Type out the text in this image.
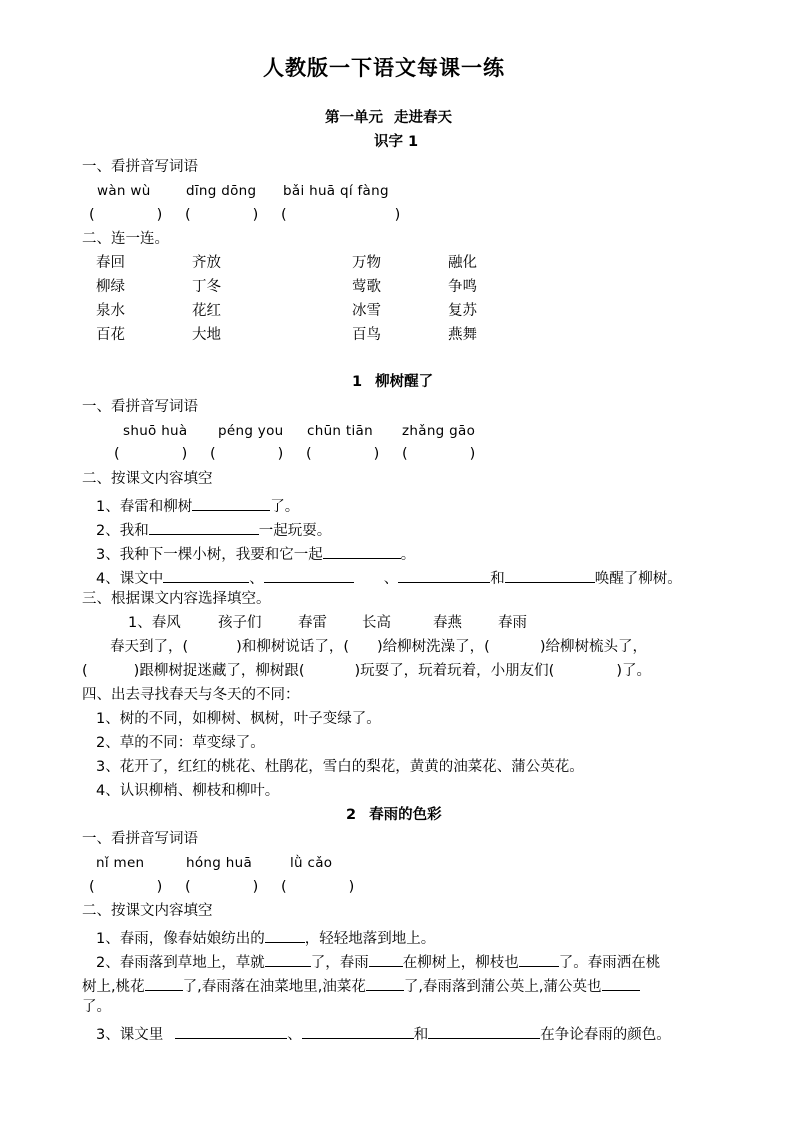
人教版一下语文每课一练
第一单元 走进春天
识字 1
一、看拼音写词语
wàn wù	dīng dōng bǎi huā qí fàng
(	) (	) (	)
二、连一连。
春回	齐放	万物	融化
柳绿	丁冬	莺歌	争鸣
泉水	花红	冰雪	复苏
百花	大地	百鸟	燕舞
1 柳树醒了
一、看拼音写词语
shuō huà péng you chūn tiān zhǎng gāo
(	) (	) (	) (	)
二、按课文内容填空
1、春雷和柳树	了。
2、我和	一起玩耍。
3、我种下一棵小树，我要和它一起	。
4、课文中	、	、	和	唤醒了柳树。
三、根据课文内容选择填空。
1、春风	孩子们	春雷 长高	春燕 春雨
春天到了，(	)和柳树说话了，( )给柳树洗澡了，(	)给柳树梳头了，
(	)跟柳树捉迷藏了，柳树跟(	)玩耍了，玩着玩着，小朋友们(	)了。
四、出去寻找春天与冬天的不同：
1、树的不同，如柳树、枫树，叶子变绿了。
2、草的不同：草变绿了。
3、花开了，红红的桃花、杜鹃花，雪白的梨花，黄黄的油菜花、蒲公英花。
4、认识柳梢、柳枝和柳叶。
2 春雨的色彩
一、看拼音写词语
nǐ men	hóng huā	lǜ cǎo
(	) (	) (	)
二、按课文内容填空
1、春雨，像春姑娘纺出的	，轻轻地落到地上。
2、春雨落到草地上，草就	了，春雨 在柳树上，柳枝也	了。春雨洒在桃
树上,桃花	了,春雨落在油菜地里,油菜花	了,春雨落到蒲公英上,蒲公英也
了。
3、课文里	、	和	在争论春雨的颜色。
